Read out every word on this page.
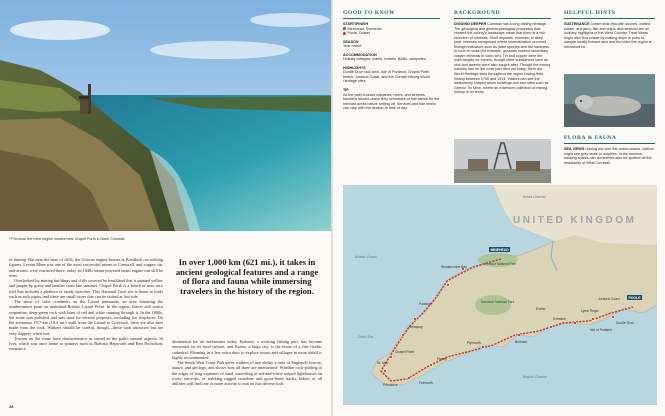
* Previous: the mine engine houses near Chapel Porth in North Cornwall.

of mining. But near the base of cliffs, the Crowns engine houses at Botallack cut striking figures. Levant Mine was one of the most successful mines in Cornwall, and copper, tin, and arsenic were extracted there; today its 1840s steam-powered beam engine can still be seen.

Overlooked by mining buildings and cliffs covered by heathland that is painted yellow and purple by gorse and heather from late summer, Chapel Porth is a beach of note on a trail that includes a plethora of sandy stretches. This National Trust site is home to birds such as rock pipits, and there are small caves that can be visited at low tide.

The show of color continues on the Lizard peninsula, an area featuring the southernmost point on mainland Britain, Lizard Point. In the region, hikers will notice serpentine, deep-green rock with lines of red and white running through it. In the 1800s, the stone was polished and was used for diverse purposes, including for fireplaces. On the strenuous 18.7-km (10.4 mi.) walk from the Lizard to Coverack, there are also sites made from the rock. Walkers should be careful, though—these look attractive but are very slippery when wet.

Towans on the route have characteristics as varied as the path's natural aspects: St Ives, which was once home to painters such as Barbara Hepworth and Ben Nicholson, remains a

In over 1,000 km (621 mi.), it takes in ancient geological features and a range of flora and fauna while immersing travelers in the history of the region.

destination for art enthusiasts today. Padstow, a working fishing port, has become renowned for its food culture; and Exeter, a large city, is the home of a fine Gothic cathedral. Planning in a few extra days to explore towns and villages in more detail is highly recommended.

The South West Coast Path gives walkers of any ability a taste of England's history, nature, and geology, and shows how all three are intertwined. Whether rock-pooling at the edges of long expanses of sand, marveling at red-and-white striped lighthouses on rocky outcrops, or trekking rugged coastline and gorse-lined tracks, hikers of all abilities will find one or more activity to suit on this diverse trail.

28
GOOD TO KNOW
START/FINISH
Minehead, Somerset
Poole, Dorset
SEASON
Year-round
ACCOMMODATION
Holiday cottages, hotels, hostels, B&Bs, campsites
HIGHLIGHTS
Durdle Door rock arch, Isle of Portland, Chapel Porth beach, Jurassic Coast, and the Cornish Mining World Heritage sites
TIP
As the path crosses estuaries, rivers, and streams, travelers should check ferry schedules or tide tables for the relevant areas before setting off. Services and tide levels can vary with the season or time of day.
BACKGROUND
DIGGING DEEPER Cornwall has a long mining heritage. The geological and geomorphological processes that created the county's landscape mean that there is a rich selection of minerals. Shelf deposits, minerals, in deep past, minerals recognised where mineralization occurred through indicators such as plant species and the hardness or tone of rocks (for example, gossans marked secondary copper minerals or lode rich). Tin and copper were the main targets for miners, though other substances such as zinc and arsenic were also sought after. Though the mining industry has for the most part died out today, there are World Heritage sites throughout the region tracing their history between 1700 and 1914. Visitors can see the distinctively shaped stone buildings and tour sites such as Geevor Tin Mine, where an extensive collection of mining history is on show.
HELPFUL HINTS
SUSTENANCE Cream teas (tea with scones, clotted cream, and jam), fish and chips, and seafood are all culinary highlights of the West Country. Treat hikers might also find solace by making stops in pubs to sample locally brewed ales and the cider the region is renowned for.
FLORA & FAUNA
SEA VIEWS Gazing out over the ocean waves, visitors might see grey seals or dolphins. In the summer, basking sharks can sometimes also be spotted off the headlands of West Cornwall.
UNITED KINGDOM
Bristol Channel
Atlantic Ocean
English Channel
Celtic Sea
MINEHEAD
POOLE
Woolacombe Bay
Exmoor National Park
Padstow	Dartmoor National Park
Exeter	Lyme Regis
Jurassic Coast
Durdle Door
Isle of Portland
Plymouth	Brixham
Fowey
Falmouth
St. Ives
Penzance
Chapel Porth
Newquay
Exmouth
